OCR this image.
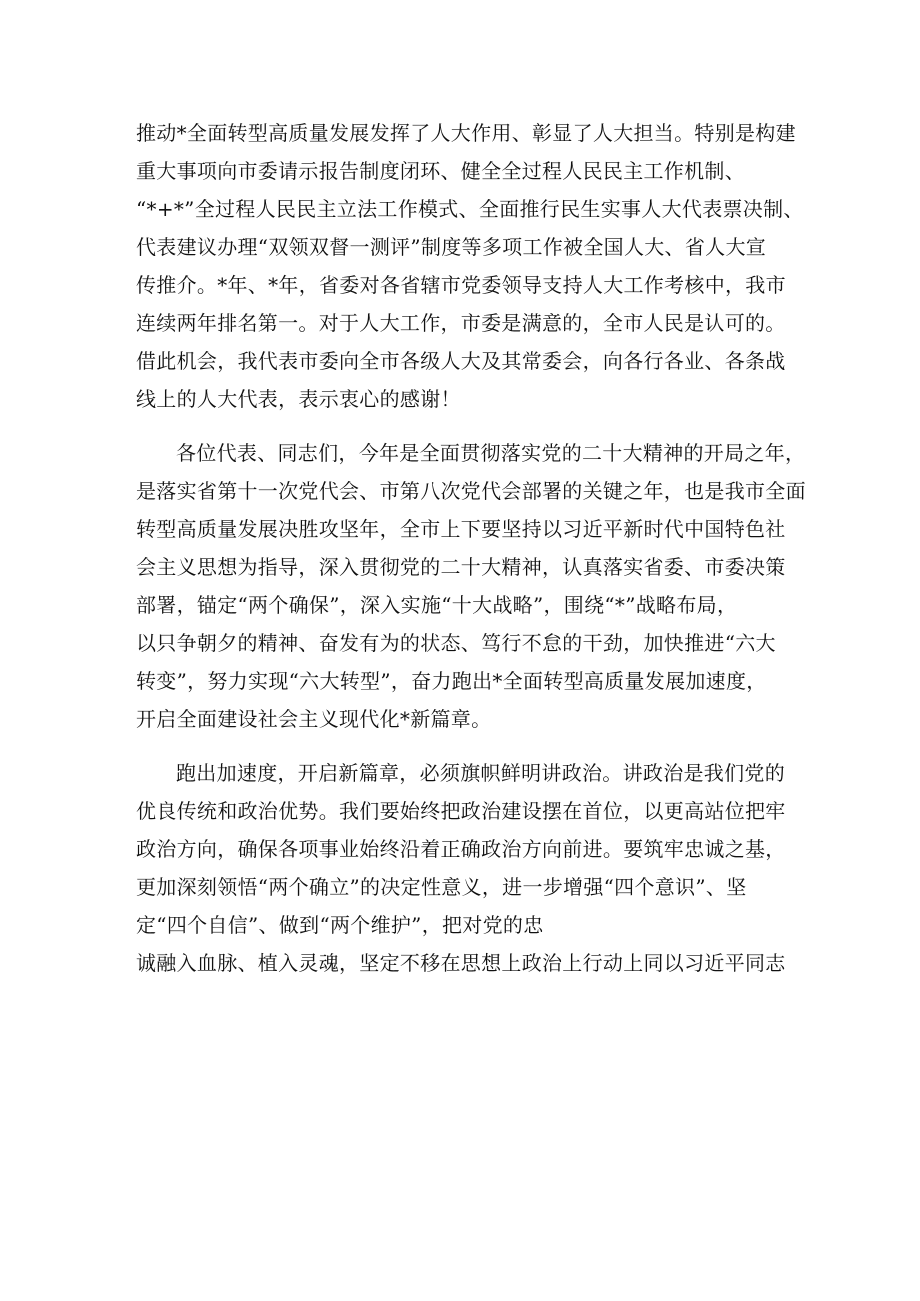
推动*全面转型高质量发展发挥了人大作用、彰显了人大担当。特别是构建
重大事项向市委请示报告制度闭环、健全全过程人民民主工作机制、
“*+*”全过程人民民主立法工作模式、全面推行民生实事人大代表票决制、
代表建议办理“双领双督一测评”制度等多项工作被全国人大、省人大宣
传推介。*年、*年，省委对各省辖市党委领导支持人大工作考核中，我市
连续两年排名第一。对于人大工作，市委是满意的，全市人民是认可的。
借此机会，我代表市委向全市各级人大及其常委会，向各行各业、各条战
线上的人大代表，表示衷心的感谢！
各位代表、同志们，今年是全面贯彻落实党的二十大精神的开局之年，
是落实省第十一次党代会、市第八次党代会部署的关键之年，也是我市全面
转型高质量发展决胜攻坚年，全市上下要坚持以习近平新时代中国特色社
会主义思想为指导，深入贯彻党的二十大精神，认真落实省委、市委决策
部署，锚定“两个确保”，深入实施“十大战略”，围绕“*”战略布局，
以只争朝夕的精神、奋发有为的状态、笃行不怠的干劲，加快推进“六大
转变”，努力实现“六大转型”，奋力跑出*全面转型高质量发展加速度，
开启全面建设社会主义现代化*新篇章。
跑出加速度，开启新篇章，必须旗帜鲜明讲政治。讲政治是我们党的
优良传统和政治优势。我们要始终把政治建设摆在首位，以更高站位把牢
政治方向，确保各项事业始终沿着正确政治方向前进。要筑牢忠诚之基，
更加深刻领悟“两个确立”的决定性意义，进一步增强“四个意识”、坚
定“四个自信”、做到“两个维护”，把对党的忠
诚融入血脉、植入灵魂，坚定不移在思想上政治上行动上同以习近平同志
